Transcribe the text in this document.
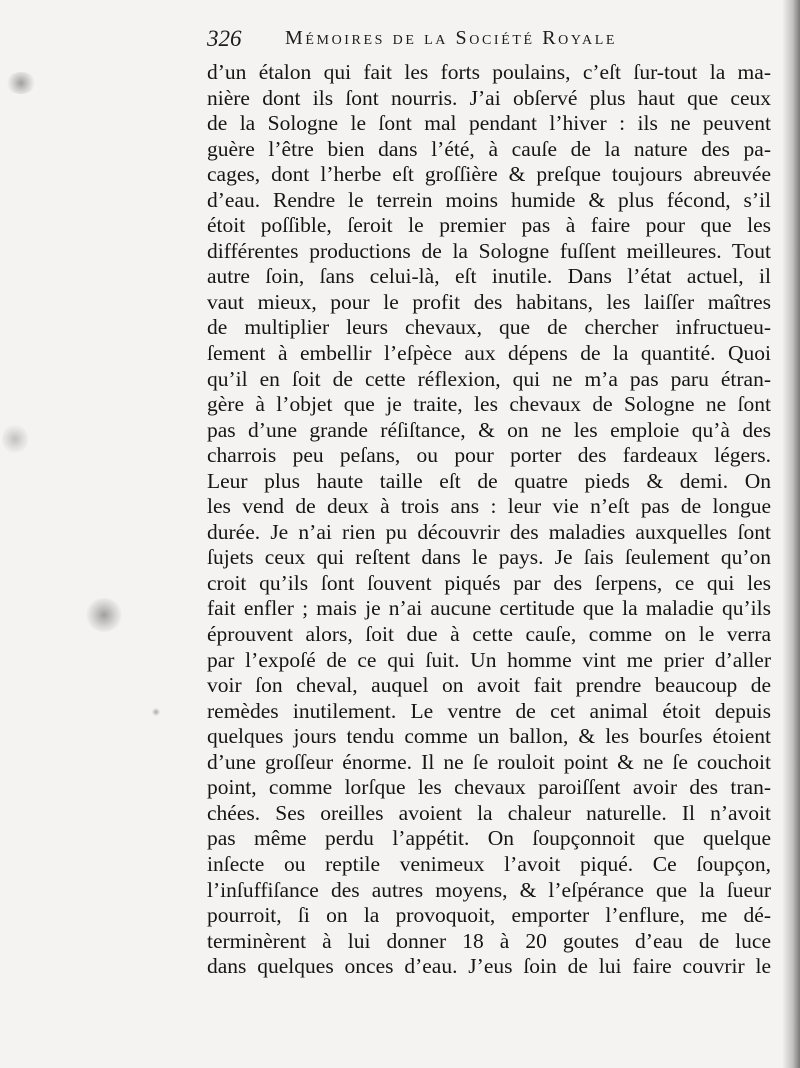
326 Mémoires de la Société Royale
d’un étalon qui fait les forts poulains, c’eſt ſur-tout la ma-
nière dont ils ſont nourris. J’ai obſervé plus haut que ceux
de la Sologne le ſont mal pendant l’hiver : ils ne peuvent
guère l’être bien dans l’été, à cauſe de la nature des pa-
cages, dont l’herbe eſt groſſière & preſque toujours abreuvée
d’eau. Rendre le terrein moins humide & plus fécond, s’il
étoit poſſible, ſeroit le premier pas à faire pour que les
différentes productions de la Sologne fuſſent meilleures. Tout
autre ſoin, ſans celui-là, eſt inutile. Dans l’état actuel, il
vaut mieux, pour le profit des habitans, les laiſſer maîtres
de multiplier leurs chevaux, que de chercher infructueu-
ſement à embellir l’eſpèce aux dépens de la quantité. Quoi
qu’il en ſoit de cette réflexion, qui ne m’a pas paru étran-
gère à l’objet que je traite, les chevaux de Sologne ne ſont
pas d’une grande réſiſtance, & on ne les emploie qu’à des
charrois peu peſans, ou pour porter des fardeaux légers.
Leur plus haute taille eſt de quatre pieds & demi. On
les vend de deux à trois ans : leur vie n’eſt pas de longue
durée. Je n’ai rien pu découvrir des maladies auxquelles ſont
ſujets ceux qui reſtent dans le pays. Je ſais ſeulement qu’on
croit qu’ils ſont ſouvent piqués par des ſerpens, ce qui les
fait enfler ; mais je n’ai aucune certitude que la maladie qu’ils
éprouvent alors, ſoit due à cette cauſe, comme on le verra
par l’expoſé de ce qui ſuit. Un homme vint me prier d’aller
voir ſon cheval, auquel on avoit fait prendre beaucoup de
remèdes inutilement. Le ventre de cet animal étoit depuis
quelques jours tendu comme un ballon, & les bourſes étoient
d’une groſſeur énorme. Il ne ſe rouloit point & ne ſe couchoit
point, comme lorſque les chevaux paroiſſent avoir des tran-
chées. Ses oreilles avoient la chaleur naturelle. Il n’avoit
pas même perdu l’appétit. On ſoupçonnoit que quelque
inſecte ou reptile venimeux l’avoit piqué. Ce ſoupçon,
l’inſuffiſance des autres moyens, & l’eſpérance que la ſueur
pourroit, ſi on la provoquoit, emporter l’enflure, me dé-
terminèrent à lui donner 18 à 20 goutes d’eau de luce
dans quelques onces d’eau. J’eus ſoin de lui faire couvrir le
